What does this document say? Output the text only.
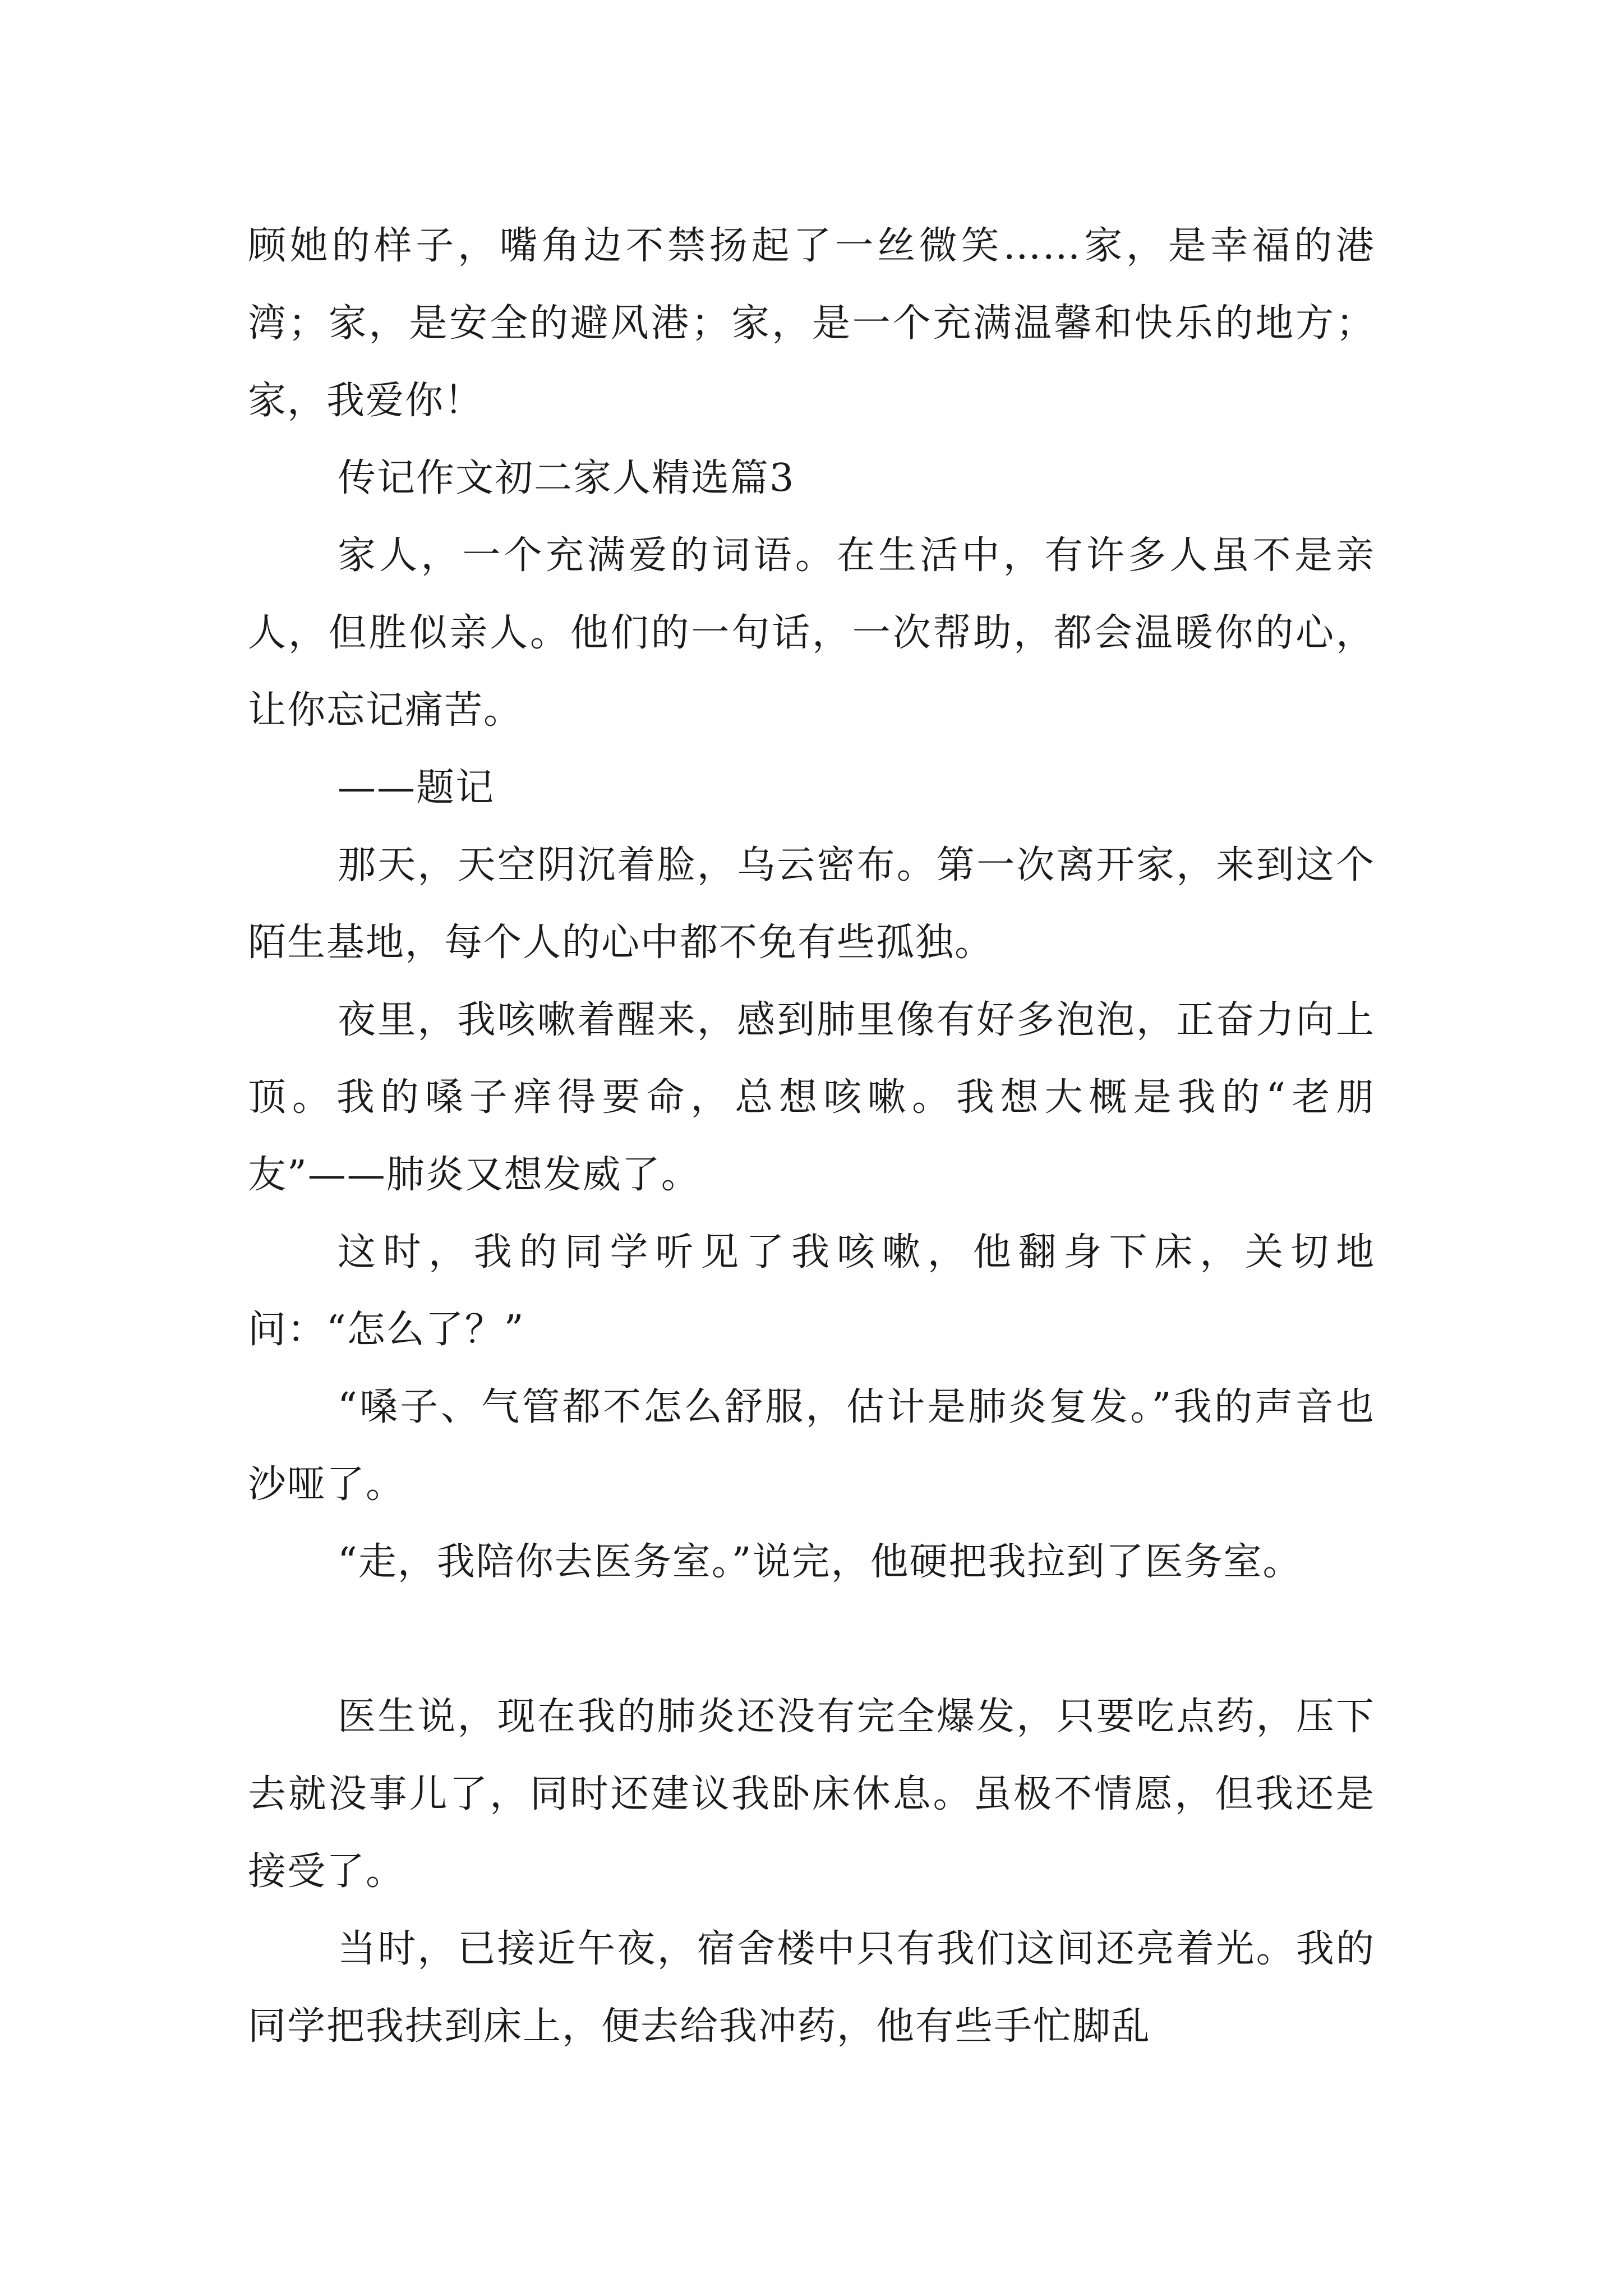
顾她的样子，嘴角边不禁扬起了一丝微笑……家，是幸福的港湾；家，是安全的避风港；家，是一个充满温馨和快乐的地方；家，我爱你！

传记作文初二家人精选篇3

家人，一个充满爱的词语。在生活中，有许多人虽不是亲人，但胜似亲人。他们的一句话，一次帮助，都会温暖你的心，让你忘记痛苦。

——题记

那天，天空阴沉着脸，乌云密布。第一次离开家，来到这个陌生基地，每个人的心中都不免有些孤独。

夜里，我咳嗽着醒来，感到肺里像有好多泡泡，正奋力向上顶。我的嗓子痒得要命，总想咳嗽。我想大概是我的“老朋友”——肺炎又想发威了。

这时，我的同学听见了我咳嗽，他翻身下床，关切地问：“怎么了？”

“嗓子、气管都不怎么舒服，估计是肺炎复发。”我的声音也沙哑了。

“走，我陪你去医务室。”说完，他硬把我拉到了医务室。

医生说，现在我的肺炎还没有完全爆发，只要吃点药，压下去就没事儿了，同时还建议我卧床休息。虽极不情愿，但我还是接受了。

当时，已接近午夜，宿舍楼中只有我们这间还亮着光。我的同学把我扶到床上，便去给我冲药，他有些手忙脚乱
